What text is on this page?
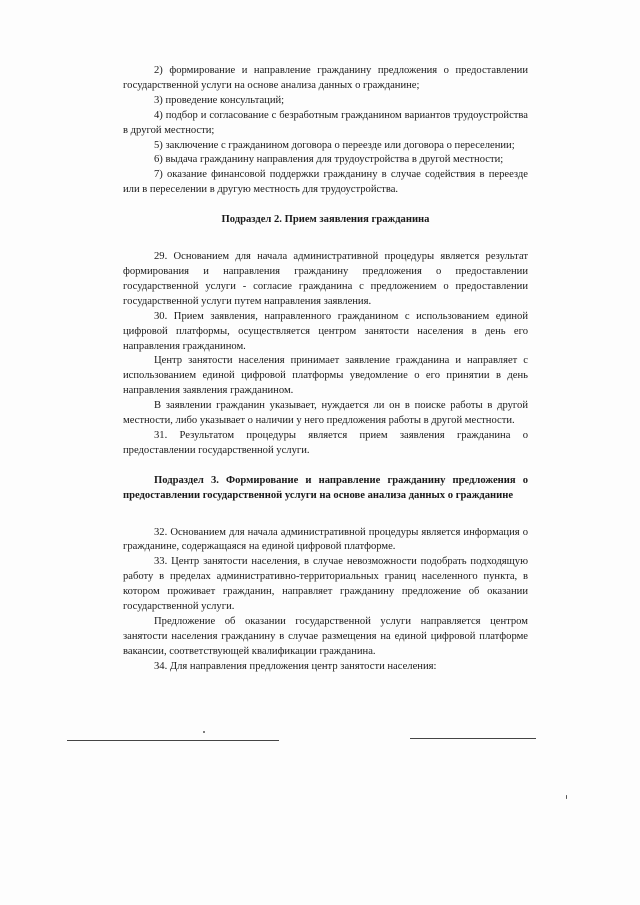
2) формирование и направление гражданину предложения о предоставлении государственной услуги на основе анализа данных о гражданине;

3) проведение консультаций;

4) подбор и согласование с безработным гражданином вариантов трудоустройства в другой местности;

5) заключение с гражданином договора о переезде или договора о переселении;

6) выдача гражданину направления для трудоустройства в другой местности;

7) оказание финансовой поддержки гражданину в случае содействия в переезде или в переселении в другую местность для трудоустройства.

Подраздел 2. Прием заявления гражданина

29. Основанием для начала административной процедуры является результат формирования и направления гражданину предложения о предоставлении государственной услуги - согласие гражданина с предложением о предоставлении государственной услуги путем направления заявления.

30. Прием заявления, направленного гражданином с использованием единой цифровой платформы, осуществляется центром занятости населения в день его направления гражданином.

Центр занятости населения принимает заявление гражданина и направляет с использованием единой цифровой платформы уведомление о его принятии в день направления заявления гражданином.

В заявлении гражданин указывает, нуждается ли он в поиске работы в другой местности, либо указывает о наличии у него предложения работы в другой местности.

31. Результатом процедуры является прием заявления гражданина о предоставлении государственной услуги.

Подраздел 3. Формирование и направление гражданину предложения о предоставлении государственной услуги на основе анализа данных о гражданине

32. Основанием для начала административной процедуры является информация о гражданине, содержащаяся на единой цифровой платформе.

33. Центр занятости населения, в случае невозможности подобрать подходящую работу в пределах административно-территориальных границ населенного пункта, в котором проживает гражданин, направляет гражданину предложение об оказании государственной услуги.

Предложение об оказании государственной услуги направляется центром занятости населения гражданину в случае размещения на единой цифровой платформе вакансии, соответствующей квалификации гражданина.

34. Для направления предложения центр занятости населения:
